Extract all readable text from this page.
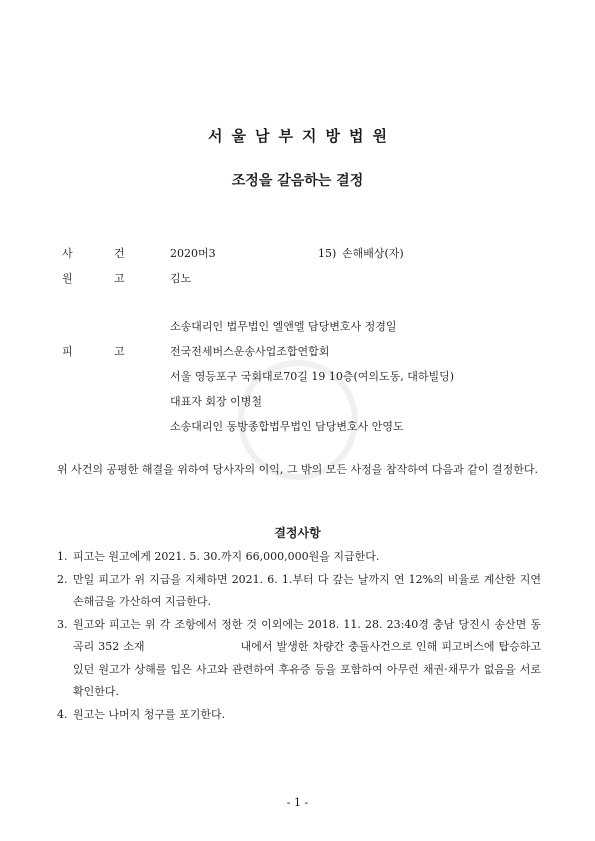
서울남부지방법원
조정을 갈음하는 결정
사	건	2020머3	15) 손해배상(자)
원	고	김노
소송대리인 법무법인 엘앤엘 담당변호사 정경일
피	고	전국전세버스운송사업조합연합회
서울 영등포구 국회대로70길 19 10층(여의도동, 대하빌딩)
대표자 회장 이병철
소송대리인 동방종합법무법인 담당변호사 안영도
위 사건의 공평한 해결을 위하여 당사자의 이익, 그 밖의 모든 사정을 참작하여 다음과 같이 결정한다.
결정사항
1. 피고는 원고에게 2021. 5. 30.까지 66,000,000원을 지급한다.
2. 만일 피고가 위 지급을 지체하면 2021. 6. 1.부터 다 갚는 날까지 연 12%의 비율로 계산한 지연손해금을 가산하여 지급한다.
3. 원고와 피고는 위 각 조항에서 정한 것 이외에는 2018. 11. 28. 23:40경 충남 당진시 송산면 동곡리 352 소재	내에서 발생한 차량간 충돌사건으로 인해 피고버스에 탑승하고 있던 원고가 상해를 입은 사고와 관련하여 후유증 등을 포함하여 아무런 채권·채무가 없음을 서로 확인한다.
4. 원고는 나머지 청구를 포기한다.
- 1 -
